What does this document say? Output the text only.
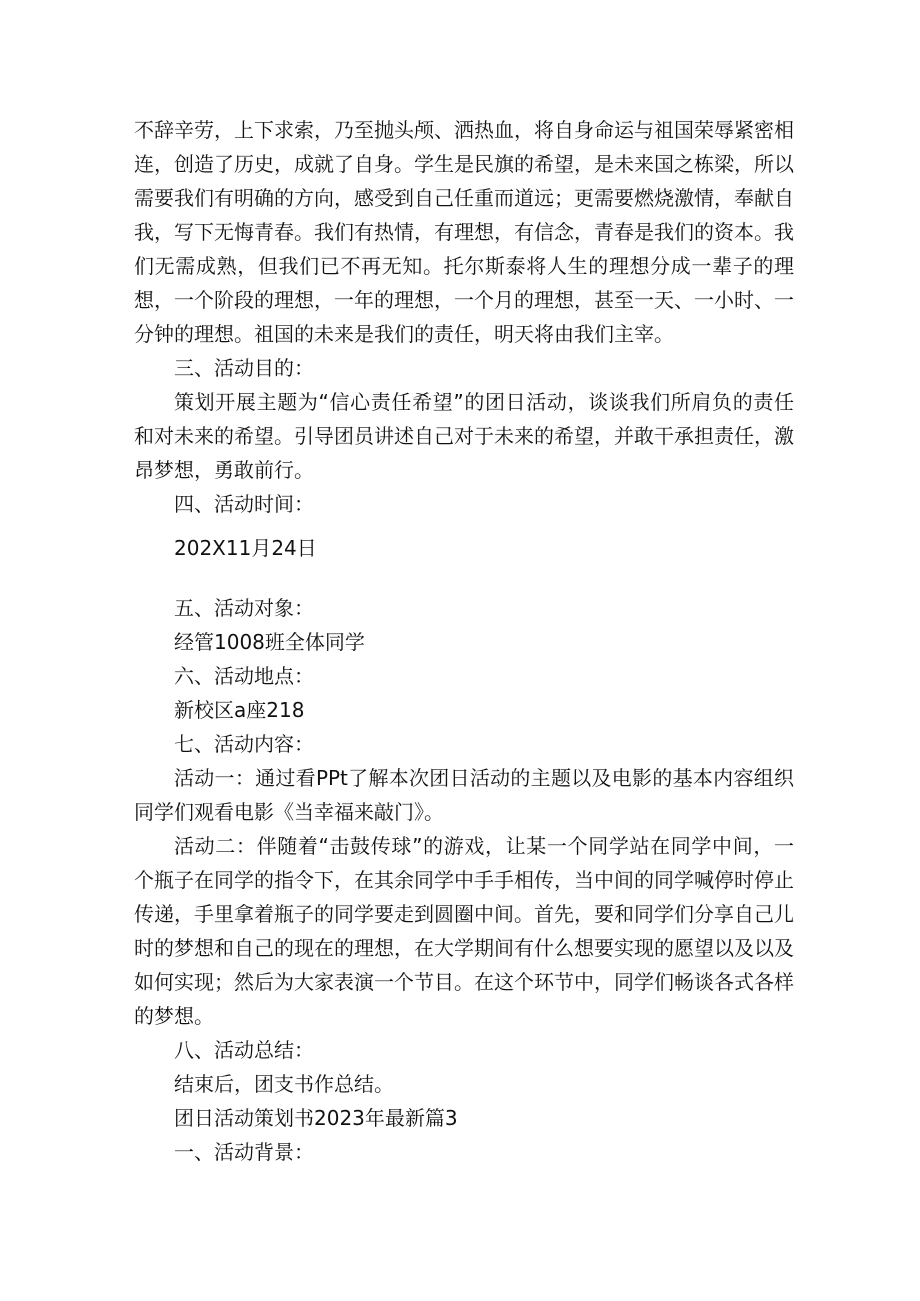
不辞辛劳，上下求索，乃至抛头颅、洒热血，将自身命运与祖国荣辱紧密相连，创造了历史，成就了自身。学生是民旗的希望，是未来国之栋梁，所以需要我们有明确的方向，感受到自己任重而道远；更需要燃烧激情，奉献自我，写下无悔青春。我们有热情，有理想，有信念，青春是我们的资本。我们无需成熟，但我们已不再无知。托尔斯泰将人生的理想分成一辈子的理想，一个阶段的理想，一年的理想，一个月的理想，甚至一天、一小时、一分钟的理想。祖国的未来是我们的责任，明天将由我们主宰。

三、活动目的：

策划开展主题为“信心责任希望”的团日活动，谈谈我们所肩负的责任和对未来的希望。引导团员讲述自己对于未来的希望，并敢干承担责任，激昂梦想，勇敢前行。

四、活动时间：

202X11月24日

五、活动对象：

经管1008班全体同学

六、活动地点：

新校区a座218

七、活动内容：

活动一：通过看PPt了解本次团日活动的主题以及电影的基本内容组织同学们观看电影《当幸福来敲门》。

活动二：伴随着“击鼓传球”的游戏，让某一个同学站在同学中间，一个瓶子在同学的指令下，在其余同学中手手相传，当中间的同学喊停时停止传递，手里拿着瓶子的同学要走到圆圈中间。首先，要和同学们分享自己儿时的梦想和自己的现在的理想，在大学期间有什么想要实现的愿望以及以及如何实现；然后为大家表演一个节目。在这个环节中，同学们畅谈各式各样的梦想。

八、活动总结：

结束后，团支书作总结。

团日活动策划书2023年最新篇3

一、活动背景：
